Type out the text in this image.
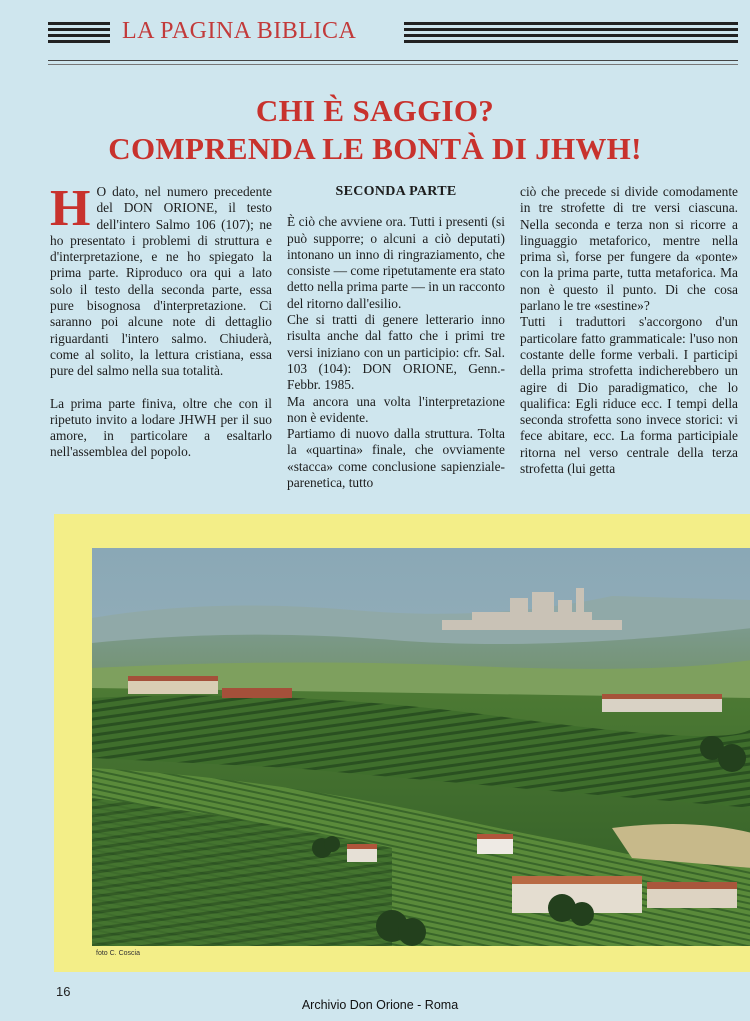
LA PAGINA BIBLICA
CHI È SAGGIO?
COMPRENDA LE BONTÀ DI JHWH!
H O dato, nel numero precedente del DON ORIONE, il testo dell'intero Salmo 106 (107); ne ho presentato i problemi di struttura e d'interpretazione, e ne ho spiegato la prima parte. Riproduco ora qui a lato solo il testo della seconda parte, essa pure bisognosa d'interpretazione. Ci saranno poi alcune note di dettaglio riguardanti l'intero salmo. Chiuderà, come al solito, la lettura cristiana, essa pure del salmo nella sua totalità.

La prima parte finiva, oltre che con il ripetuto invito a lodare JHWH per il suo amore, in particolare a esaltarlo nell'assemblea del popolo.

SECONDA PARTE

È ciò che avviene ora. Tutti i presenti (si può supporre; o alcuni a ciò deputati) intonano un inno di ringraziamento, che consiste — come ripetutamente era stato detto nella prima parte — in un racconto del ritorno dall'esilio.

Che si tratti di genere letterario inno risulta anche dal fatto che i primi tre versi iniziano con un participio: cfr. Sal. 103 (104): DON ORIONE, Genn.-Febbr. 1985.

Ma ancora una volta l'interpretazione non è evidente.

Partiamo di nuovo dalla struttura. Tolta la «quartina» finale, che ovviamente «stacca» come conclusione sapienziale-parenetica, tutto

ciò che precede si divide comodamente in tre strofette di tre versi ciascuna. Nella seconda e terza non si ricorre a linguaggio metaforico, mentre nella prima sì, forse per fungere da «ponte» con la prima parte, tutta metaforica. Ma non è questo il punto. Di che cosa parlano le tre «sestine»?

Tutti i traduttori s'accorgono d'un particolare fatto grammaticale: l'uso non costante delle forme verbali. I participi della prima strofetta indicherebbero un agire di Dio paradigmatico, che lo qualifica: Egli riduce ecc. I tempi della seconda strofetta sono invece storici: vi fece abitare, ecc. La forma participiale ritorna nel verso centrale della terza strofetta (lui getta

foto C. Coscia
16
Archivio Don Orione - Roma
